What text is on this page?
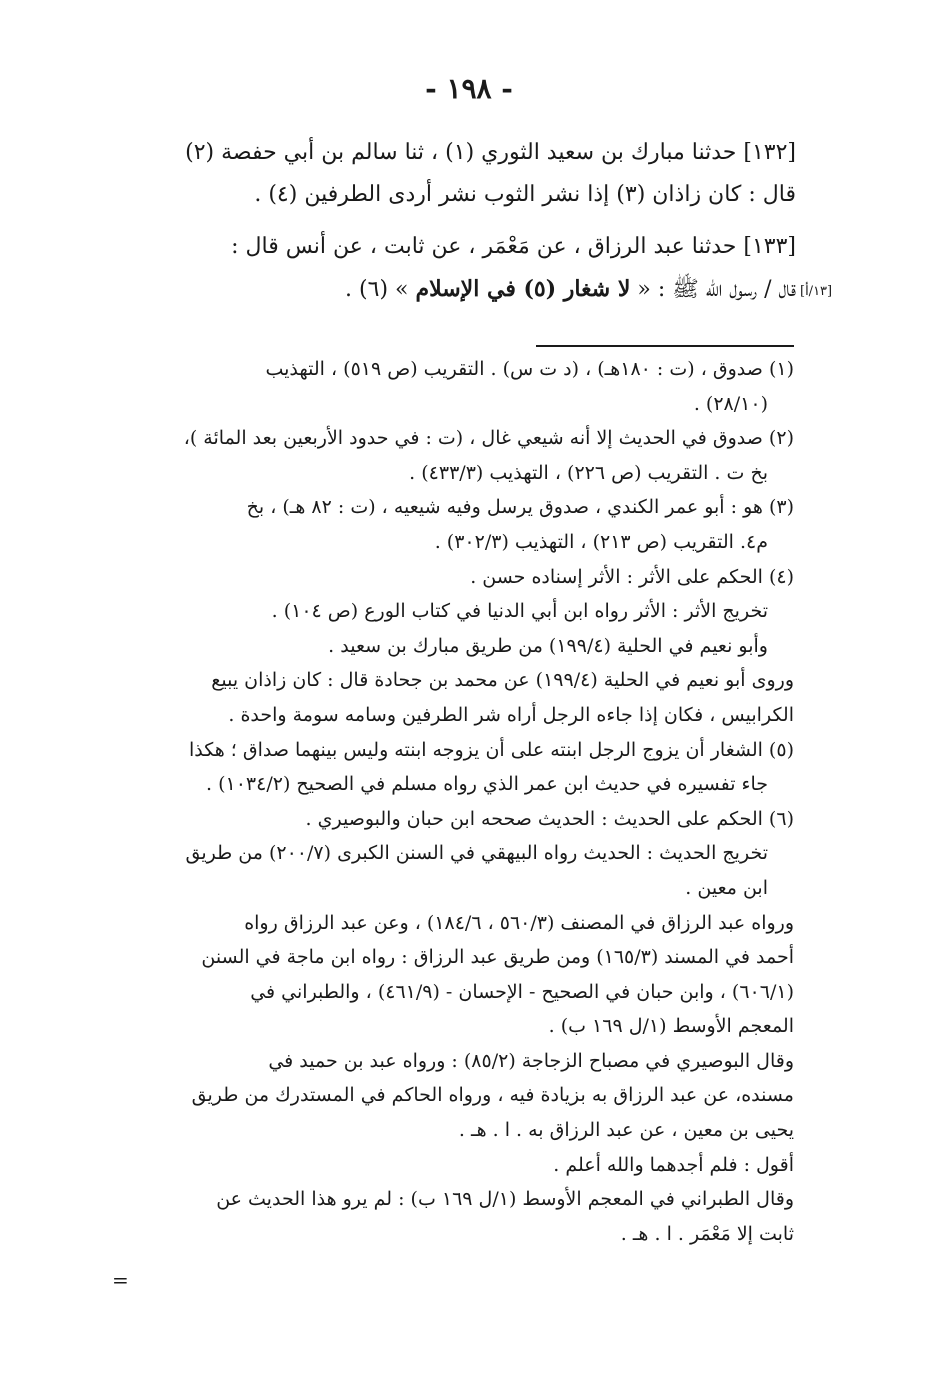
- ١٩٨ -

[١٣٢] حدثنا مبارك بن سعيد الثوري (١) ، ثنا سالم بن أبي حفصة (٢)
قال : كان زاذان (٣) إذا نشر الثوب نشر أردى الطرفين (٤) .

[١٣٣] حدثنا عبد الرزاق ، عن مَعْمَر ، عن ثابت ، عن أنس قال :
قال / رسول الله ﷺ : « لا شغار (٥) في الإسلام » (٦) .	[١٣/أ]
(١) صدوق ، (ت : ١٨٠هـ) ، (د ت س) . التقريب (ص ٥١٩) ، التهذيب
(٢٨/١٠) .
(٢) صدوق في الحديث إلا أنه شيعي غال ، (ت : في حدود الأربعين بعد المائة )،
بخ ت . التقريب (ص ٢٢٦) ، التهذيب (٤٣٣/٣) .
(٣) هو : أبو عمر الكندي ، صدوق يرسل وفيه شيعيه ، (ت : ٨٢ هـ) ، بخ
م٤. التقريب (ص ٢١٣) ، التهذيب (٣٠٢/٣) .
(٤) الحكم على الأثر : الأثر إسناده حسن .
تخريج الأثر : الأثر رواه ابن أبي الدنيا في كتاب الورع (ص ١٠٤) .
وأبو نعيم في الحلية (١٩٩/٤) من طريق مبارك بن سعيد .
وروى أبو نعيم في الحلية (١٩٩/٤) عن محمد بن جحادة قال : كان زاذان يبيع
الكرابيس ، فكان إذا جاءه الرجل أراه شر الطرفين وسامه سومة واحدة .
(٥) الشغار أن يزوج الرجل ابنته على أن يزوجه ابنته وليس بينهما صداق ؛ هكذا
جاء تفسيره في حديث ابن عمر الذي رواه مسلم في الصحيح (١٠٣٤/٢) .
(٦) الحكم على الحديث : الحديث صححه ابن حبان والبوصيري .
تخريج الحديث : الحديث رواه البيهقي في السنن الكبرى (٢٠٠/٧) من طريق
ابن معين .
ورواه عبد الرزاق في المصنف (٥٦٠/٣ ، ١٨٤/٦) ، وعن عبد الرزاق رواه
أحمد في المسند (١٦٥/٣) ومن طريق عبد الرزاق : رواه ابن ماجة في السنن
(٦٠٦/١) ، وابن حبان في الصحيح - الإحسان - (٤٦١/٩) ، والطبراني في
المعجم الأوسط (١/ل ١٦٩ ب) .
وقال البوصيري في مصباح الزجاجة (٨٥/٢) : ورواه عبد بن حميد في
مسنده، عن عبد الرزاق به بزيادة فيه ، ورواه الحاكم في المستدرك من طريق
يحيى بن معين ، عن عبد الرزاق به . ا . هـ .
أقول : فلم أجدهما والله أعلم .
وقال الطبراني في المعجم الأوسط (١/ل ١٦٩ ب) : لم يرو هذا الحديث عن
ثابت إلا مَعْمَر . ا . هـ .
=
